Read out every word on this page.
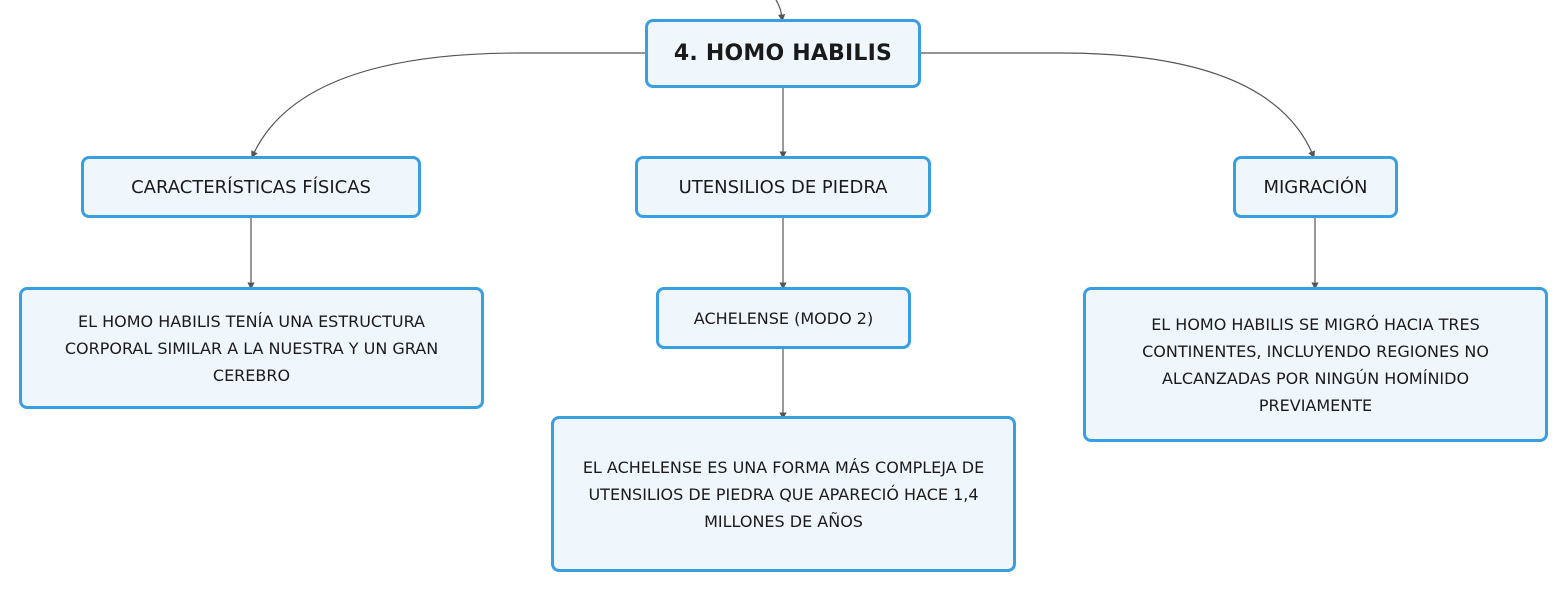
4. HOMO HABILIS
CARACTERÍSTICAS FÍSICAS	UTENSILIOS DE PIEDRA	MIGRACIÓN
EL HOMO HABILIS TENÍA UNA ESTRUCTURA CORPORAL SIMILAR A LA NUESTRA Y UN GRAN CEREBRO
ACHELENSE (MODO 2)
EL ACHELENSE ES UNA FORMA MÁS COMPLEJA DE UTENSILIOS DE PIEDRA QUE APARECIÓ HACE 1,4 MILLONES DE AÑOS
EL HOMO HABILIS SE MIGRÓ HACIA TRES CONTINENTES, INCLUYENDO REGIONES NO ALCANZADAS POR NINGÚN HOMÍNIDO PREVIAMENTE
